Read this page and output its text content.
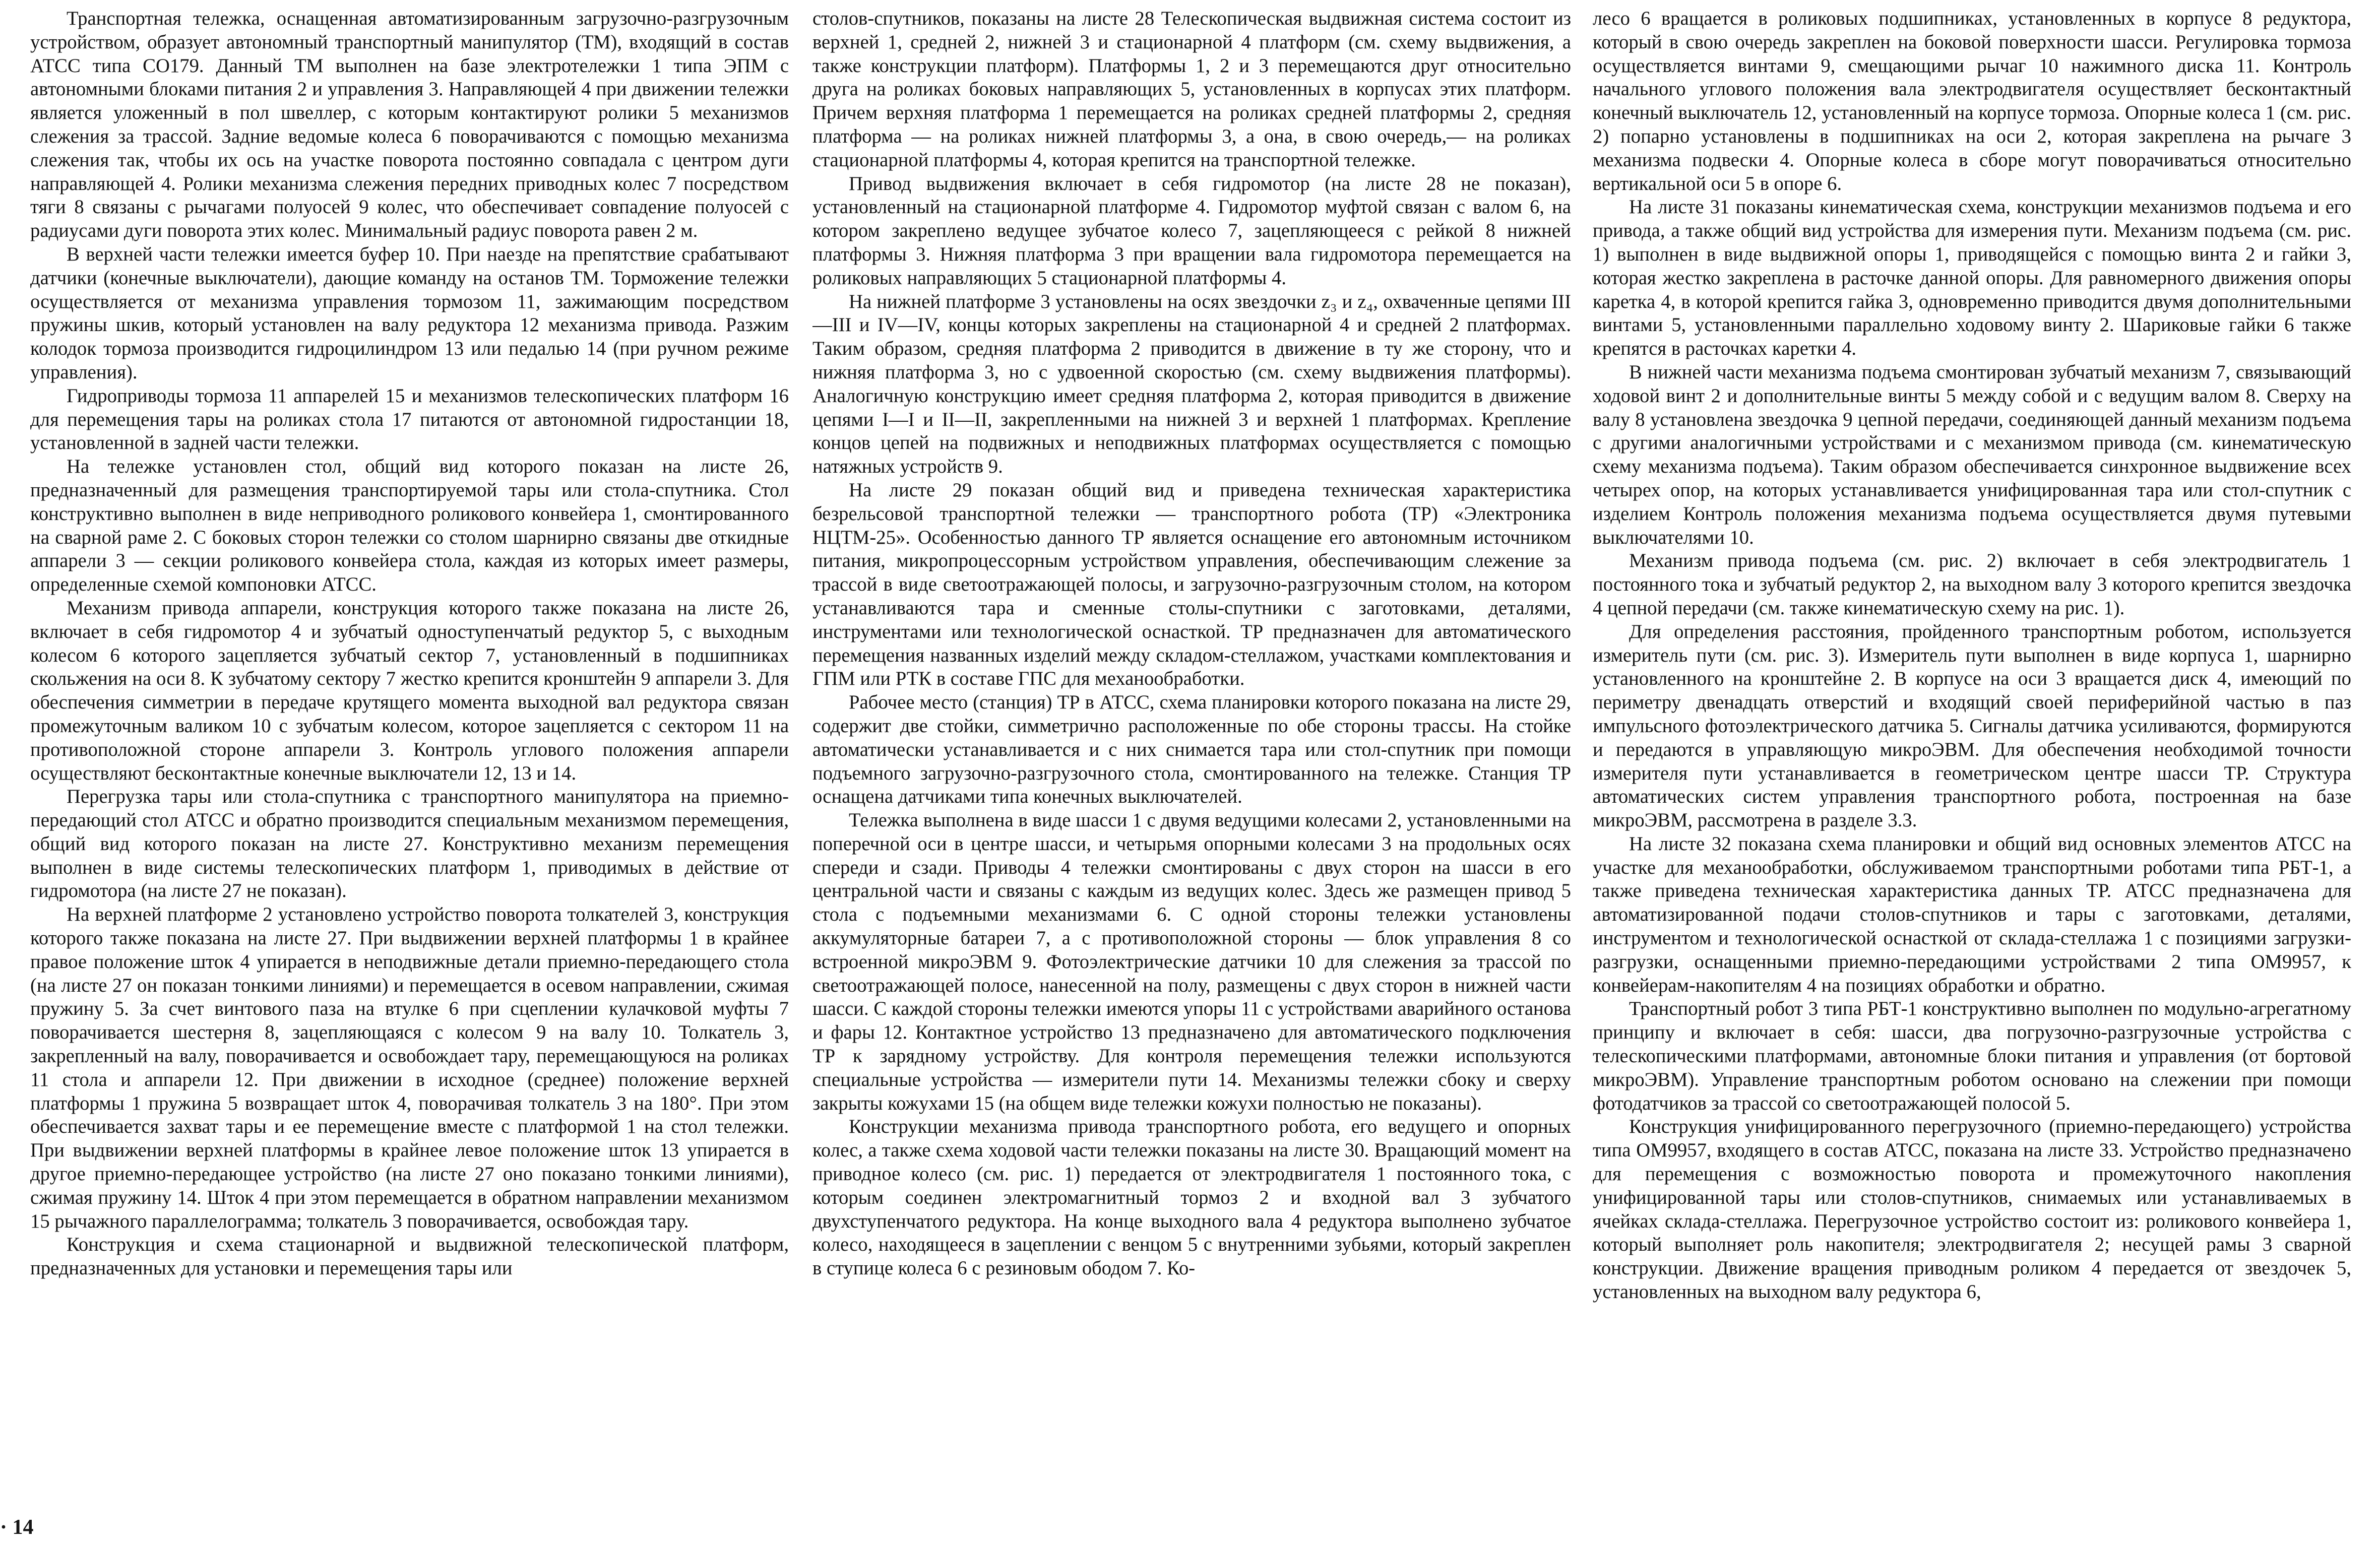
Транспортная тележка, оснащенная автоматизированным загрузочно-разгрузочным устройством, образует автономный транспортный манипулятор (ТМ), входящий в состав АТСС типа СО179. Данный ТМ выполнен на базе электротележки 1 типа ЭПМ с автономными блоками питания 2 и управления 3. Направляющей 4 при движении тележки является уложенный в пол швеллер, с которым контактируют ролики 5 механизмов слежения за трассой. Задние ведомые колеса 6 поворачиваются с помощью механизма слежения так, чтобы их ось на участке поворота постоянно совпадала с центром дуги направляющей 4. Ролики механизма слежения передних приводных колес 7 посредством тяги 8 связаны с рычагами полуосей 9 колес, что обеспечивает совпадение полуосей с радиусами дуги поворота этих колес. Минимальный радиус поворота равен 2 м.

В верхней части тележки имеется буфер 10. При наезде на препятствие срабатывают датчики (конечные выключатели), дающие команду на останов ТМ. Торможение тележки осуществляется от механизма управления тормозом 11, зажимающим посредством пружины шкив, который установлен на валу редуктора 12 механизма привода. Разжим колодок тормоза производится гидроцилиндром 13 или педалью 14 (при ручном режиме управления).

Гидроприводы тормоза 11 аппарелей 15 и механизмов телескопических платформ 16 для перемещения тары на роликах стола 17 питаются от автономной гидростанции 18, установленной в задней части тележки.

На тележке установлен стол, общий вид которого показан на листе 26, предназначенный для размещения транспортируемой тары или стола-спутника. Стол конструктивно выполнен в виде неприводного роликового конвейера 1, смонтированного на сварной раме 2. С боковых сторон тележки со столом шарнирно связаны две откидные аппарели 3 — секции роликового конвейера стола, каждая из которых имеет размеры, определенные схемой компоновки АТСС.

Механизм привода аппарели, конструкция которого также показана на листе 26, включает в себя гидромотор 4 и зубчатый одноступенчатый редуктор 5, с выходным колесом 6 которого зацепляется зубчатый сектор 7, установленный в подшипниках скольжения на оси 8. К зубчатому сектору 7 жестко крепится кронштейн 9 аппарели 3. Для обеспечения симметрии в передаче крутящего момента выходной вал редуктора связан промежуточным валиком 10 с зубчатым колесом, которое зацепляется с сектором 11 на противоположной стороне аппарели 3. Контроль углового положения аппарели осуществляют бесконтактные конечные выключатели 12, 13 и 14.

Перегрузка тары или стола-спутника с транспортного манипулятора на приемно-передающий стол АТСС и обратно производится специальным механизмом перемещения, общий вид которого показан на листе 27. Конструктивно механизм перемещения выполнен в виде системы телескопических платформ 1, приводимых в действие от гидромотора (на листе 27 не показан).

На верхней платформе 2 установлено устройство поворота толкателей 3, конструкция которого также показана на листе 27. При выдвижении верхней платформы 1 в крайнее правое положение шток 4 упирается в неподвижные детали приемно-передающего стола (на листе 27 он показан тонкими линиями) и перемещается в осевом направлении, сжимая пружину 5. За счет винтового паза на втулке 6 при сцеплении кулачковой муфты 7 поворачивается шестерня 8, зацепляющаяся с колесом 9 на валу 10. Толкатель 3, закрепленный на валу, поворачивается и освобождает тару, перемещающуюся на роликах 11 стола и аппарели 12. При движении в исходное (среднее) положение верхней платформы 1 пружина 5 возвращает шток 4, поворачивая толкатель 3 на 180°. При этом обеспечивается захват тары и ее перемещение вместе с платформой 1 на стол тележки. При выдвижении верхней платформы в крайнее левое положение шток 13 упирается в другое приемно-передающее устройство (на листе 27 оно показано тонкими линиями), сжимая пружину 14. Шток 4 при этом перемещается в обратном направлении механизмом 15 рычажного параллелограмма; толкатель 3 поворачивается, освобождая тару.

Конструкция и схема стационарной и выдвижной телескопической платформ, предназначенных для установки и перемещения тары или

столов-спутников, показаны на листе 28 Телескопическая выдвижная система состоит из верхней 1, средней 2, нижней 3 и стационарной 4 платформ (см. схему выдвижения, а также конструкции платформ). Платформы 1, 2 и 3 перемещаются друг относительно друга на роликах боковых направляющих 5, установленных в корпусах этих платформ. Причем верхняя платформа 1 перемещается на роликах средней платформы 2, средняя платформа — на роликах нижней платформы 3, а она, в свою очередь,— на роликах стационарной платформы 4, которая крепится на транспортной тележке.

Привод выдвижения включает в себя гидромотор (на листе 28 не показан), установленный на стационарной платформе 4. Гидромотор муфтой связан с валом 6, на котором закреплено ведущее зубчатое колесо 7, зацепляющееся с рейкой 8 нижней платформы 3. Нижняя платформа 3 при вращении вала гидромотора перемещается на роликовых направляющих 5 стационарной платформы 4.

На нижней платформе 3 установлены на осях звездочки z₃ и z₄, охваченные цепями III—III и IV—IV, концы которых закреплены на стационарной 4 и средней 2 платформах. Таким образом, средняя платформа 2 приводится в движение в ту же сторону, что и нижняя платформа 3, но с удвоенной скоростью (см. схему выдвижения платформы). Аналогичную конструкцию имеет средняя платформа 2, которая приводится в движение цепями I—I и II—II, закрепленными на нижней 3 и верхней 1 платформах. Крепление концов цепей на подвижных и неподвижных платформах осуществляется с помощью натяжных устройств 9.

На листе 29 показан общий вид и приведена техническая характеристика безрельсовой транспортной тележки — транспортного робота (ТР) «Электроника НЦТМ-25». Особенностью данного ТР является оснащение его автономным источником питания, микропроцессорным устройством управления, обеспечивающим слежение за трассой в виде светоотражающей полосы, и загрузочно-разгрузочным столом, на котором устанавливаются тара и сменные столы-спутники с заготовками, деталями, инструментами или технологической оснасткой. ТР предназначен для автоматического перемещения названных изделий между складом-стеллажом, участками комплектования и ГПМ или РТК в составе ГПС для механообработки.

Рабочее место (станция) ТР в АТСС, схема планировки которого показана на листе 29, содержит две стойки, симметрично расположенные по обе стороны трассы. На стойке автоматически устанавливается и с них снимается тара или стол-спутник при помощи подъемного загрузочно-разгрузочного стола, смонтированного на тележке. Станция ТР оснащена датчиками типа конечных выключателей.

Тележка выполнена в виде шасси 1 с двумя ведущими колесами 2, установленными на поперечной оси в центре шасси, и четырьмя опорными колесами 3 на продольных осях спереди и сзади. Приводы 4 тележки смонтированы с двух сторон на шасси в его центральной части и связаны с каждым из ведущих колес. Здесь же размещен привод 5 стола с подъемными механизмами 6. С одной стороны тележки установлены аккумуляторные батареи 7, а с противоположной стороны — блок управления 8 со встроенной микроЭВМ 9. Фотоэлектрические датчики 10 для слежения за трассой по светоотражающей полосе, нанесенной на полу, размещены с двух сторон в нижней части шасси. С каждой стороны тележки имеются упоры 11 с устройствами аварийного останова и фары 12. Контактное устройство 13 предназначено для автоматического подключения ТР к зарядному устройству. Для контроля перемещения тележки используются специальные устройства — измерители пути 14. Механизмы тележки сбоку и сверху закрыты кожухами 15 (на общем виде тележки кожухи полностью не показаны).

Конструкции механизма привода транспортного робота, его ведущего и опорных колес, а также схема ходовой части тележки показаны на листе 30. Вращающий момент на приводное колесо (см. рис. 1) передается от электродвигателя 1 постоянного тока, с которым соединен электромагнитный тормоз 2 и входной вал 3 зубчатого двухступенчатого редуктора. На конце выходного вала 4 редуктора выполнено зубчатое колесо, находящееся в зацеплении с венцом 5 с внутренними зубьями, который закреплен в ступице колеса 6 с резиновым ободом 7. Ко-

лесо 6 вращается в роликовых подшипниках, установленных в корпусе 8 редуктора, который в свою очередь закреплен на боковой поверхности шасси. Регулировка тормоза осуществляется винтами 9, смещающими рычаг 10 нажимного диска 11. Контроль начального углового положения вала электродвигателя осуществляет бесконтактный конечный выключатель 12, установленный на корпусе тормоза. Опорные колеса 1 (см. рис. 2) попарно установлены в подшипниках на оси 2, которая закреплена на рычаге 3 механизма подвески 4. Опорные колеса в сборе могут поворачиваться относительно вертикальной оси 5 в опоре 6.

На листе 31 показаны кинематическая схема, конструкции механизмов подъема и его привода, а также общий вид устройства для измерения пути. Механизм подъема (см. рис. 1) выполнен в виде выдвижной опоры 1, приводящейся с помощью винта 2 и гайки 3, которая жестко закреплена в расточке данной опоры. Для равномерного движения опоры каретка 4, в которой крепится гайка 3, одновременно приводится двумя дополнительными винтами 5, установленными параллельно ходовому винту 2. Шариковые гайки 6 также крепятся в расточках каретки 4.

В нижней части механизма подъема смонтирован зубчатый механизм 7, связывающий ходовой винт 2 и дополнительные винты 5 между собой и с ведущим валом 8. Сверху на валу 8 установлена звездочка 9 цепной передачи, соединяющей данный механизм подъема с другими аналогичными устройствами и с механизмом привода (см. кинематическую схему механизма подъема). Таким образом обеспечивается синхронное выдвижение всех четырех опор, на которых устанавливается унифицированная тара или стол-спутник с изделием Контроль положения механизма подъема осуществляется двумя путевыми выключателями 10.

Механизм привода подъема (см. рис. 2) включает в себя электродвигатель 1 постоянного тока и зубчатый редуктор 2, на выходном валу 3 которого крепится звездочка 4 цепной передачи (см. также кинематическую схему на рис. 1).

Для определения расстояния, пройденного транспортным роботом, используется измеритель пути (см. рис. 3). Измеритель пути выполнен в виде корпуса 1, шарнирно установленного на кронштейне 2. В корпусе на оси 3 вращается диск 4, имеющий по периметру двенадцать отверстий и входящий своей периферийной частью в паз импульсного фотоэлектрического датчика 5. Сигналы датчика усиливаются, формируются и передаются в управляющую микроЭВМ. Для обеспечения необходимой точности измерителя пути устанавливается в геометрическом центре шасси ТР. Структура автоматических систем управления транспортного робота, построенная на базе микроЭВМ, рассмотрена в разделе 3.3.

На листе 32 показана схема планировки и общий вид основных элементов АТСС на участке для механообработки, обслуживаемом транспортными роботами типа РБТ-1, а также приведена техническая характеристика данных ТР. АТСС предназначена для автоматизированной подачи столов-спутников и тары с заготовками, деталями, инструментом и технологической оснасткой от склада-стеллажа 1 с позициями загрузки-разгрузки, оснащенными приемно-передающими устройствами 2 типа ОМ9957, к конвейерам-накопителям 4 на позициях обработки и обратно.

Транспортный робот 3 типа РБТ-1 конструктивно выполнен по модульно-агрегатному принципу и включает в себя: шасси, два погрузочно-разгрузочные устройства с телескопическими платформами, автономные блоки питания и управления (от бортовой микроЭВМ). Управление транспортным роботом основано на слежении при помощи фотодатчиков за трассой со светоотражающей полосой 5.

Конструкция унифицированного перегрузочного (приемно-передающего) устройства типа ОМ9957, входящего в состав АТСС, показана на листе 33. Устройство предназначено для перемещения с возможностью поворота и промежуточного накопления унифицированной тары или столов-спутников, снимаемых или устанавливаемых в ячейках склада-стеллажа. Перегрузочное устройство состоит из: роликового конвейера 1, который выполняет роль накопителя; электродвигателя 2; несущей рамы 3 сварной конструкции. Движение вращения приводным роликом 4 передается от звездочек 5, установленных на выходном валу редуктора 6,

· 14
